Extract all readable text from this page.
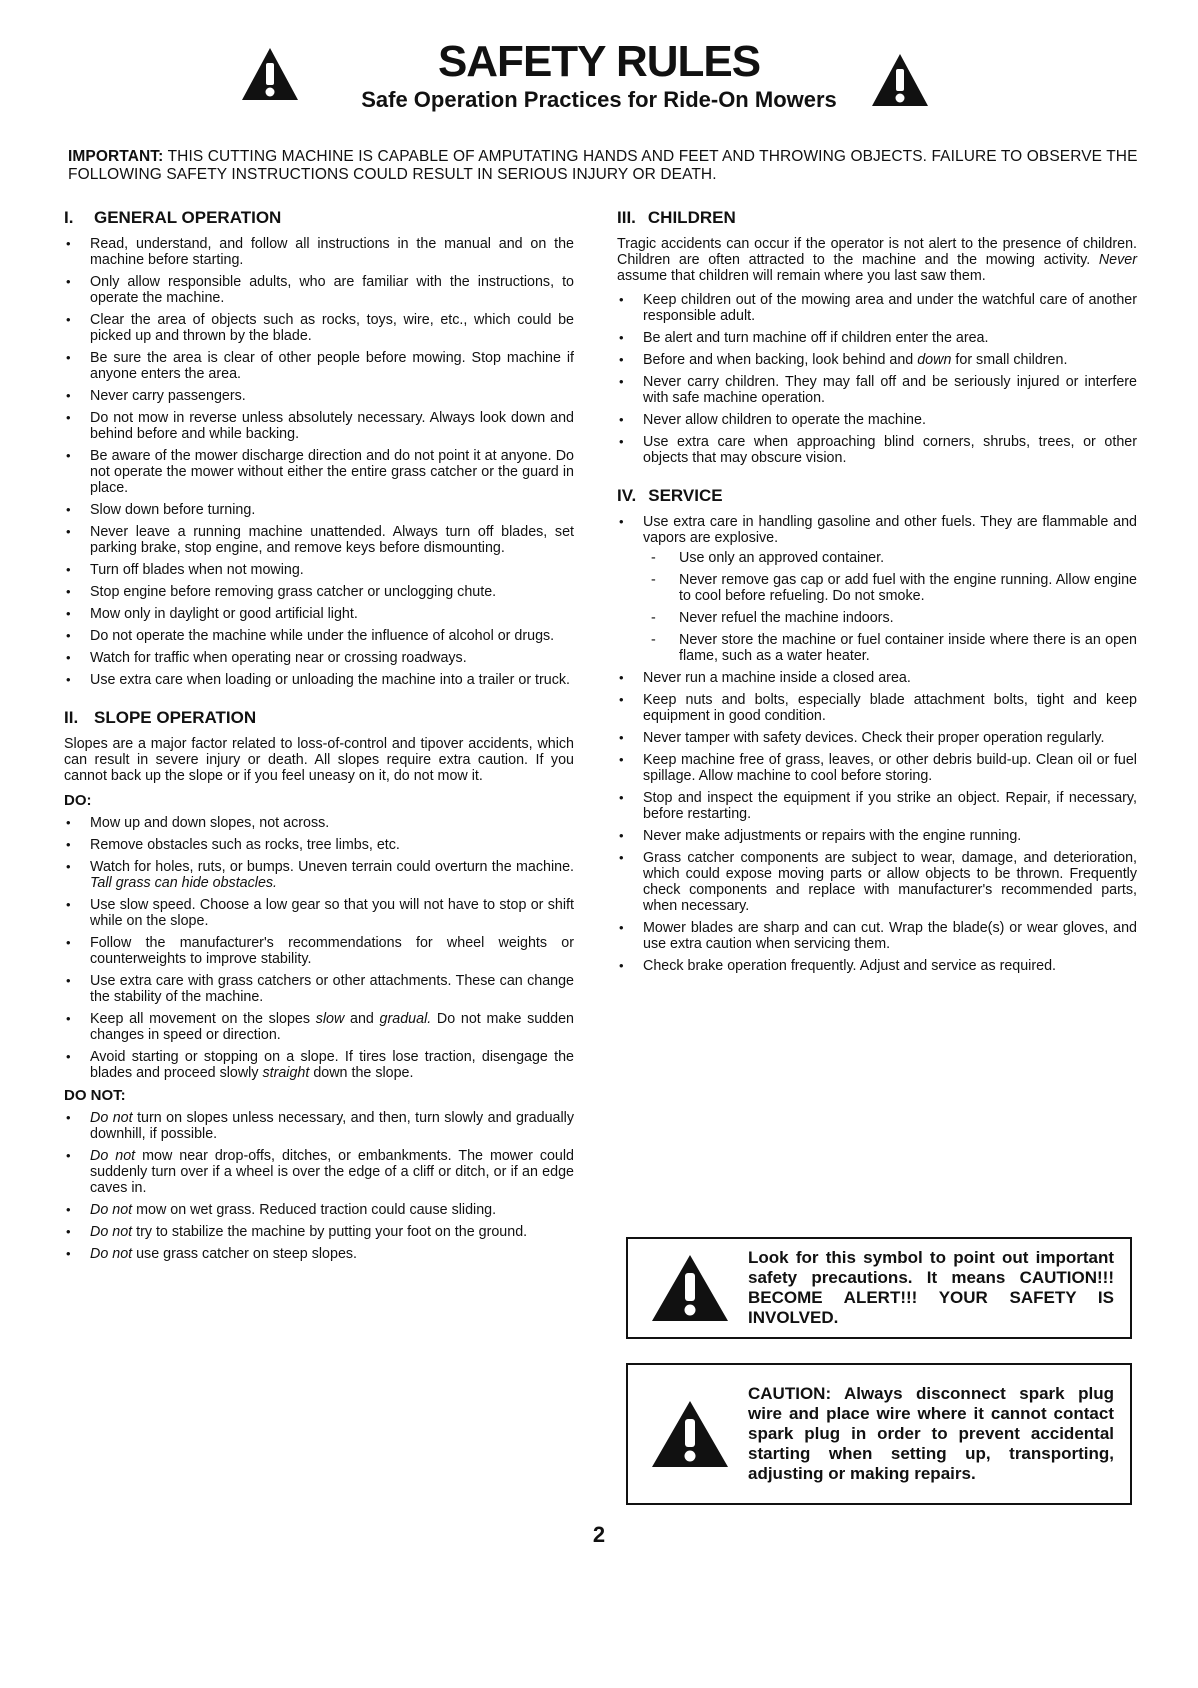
SAFETY RULES
Safe Operation Practices for Ride-On Mowers
IMPORTANT: THIS CUTTING MACHINE IS CAPABLE OF AMPUTATING HANDS AND FEET AND THROWING OBJECTS. FAILURE TO OBSERVE THE FOLLOWING SAFETY INSTRUCTIONS COULD RESULT IN SERIOUS INJURY OR DEATH.
I.	GENERAL OPERATION
• Read, understand, and follow all instructions in the manual and on the machine before starting.
• Only allow responsible adults, who are familiar with the instructions, to operate the machine.
• Clear the area of objects such as rocks, toys, wire, etc., which could be picked up and thrown by the blade.
• Be sure the area is clear of other people before mowing. Stop machine if anyone enters the area.
• Never carry passengers.
• Do not mow in reverse unless absolutely necessary. Always look down and behind before and while backing.
• Be aware of the mower discharge direction and do not point it at anyone. Do not operate the mower without either the entire grass catcher or the guard in place.
• Slow down before turning.
• Never leave a running machine unattended. Always turn off blades, set parking brake, stop engine, and remove keys before dismounting.
• Turn off blades when not mowing.
• Stop engine before removing grass catcher or unclogging chute.
• Mow only in daylight or good artificial light.
• Do not operate the machine while under the influence of alcohol or drugs.
• Watch for traffic when operating near or crossing roadways.
• Use extra care when loading or unloading the machine into a trailer or truck.
II. SLOPE OPERATION

Slopes are a major factor related to loss-of-control and tipover accidents, which can result in severe injury or death. All slopes require extra caution. If you cannot back up the slope or if you feel uneasy on it, do not mow it.

DO:
• Mow up and down slopes, not across.
• Remove obstacles such as rocks, tree limbs, etc.
• Watch for holes, ruts, or bumps. Uneven terrain could overturn the machine. Tall grass can hide obstacles.
• Use slow speed. Choose a low gear so that you will not have to stop or shift while on the slope.
• Follow the manufacturer's recommendations for wheel weights or counterweights to improve stability.
• Use extra care with grass catchers or other attachments. These can change the stability of the machine.
• Keep all movement on the slopes slow and gradual. Do not make sudden changes in speed or direction.
• Avoid starting or stopping on a slope. If tires lose traction, disengage the blades and proceed slowly straight down the slope.
DO NOT:
• Do not turn on slopes unless necessary, and then, turn slowly and gradually downhill, if possible.
• Do not mow near drop-offs, ditches, or embankments. The mower could suddenly turn over if a wheel is over the edge of a cliff or ditch, or if an edge caves in.
• Do not mow on wet grass. Reduced traction could cause sliding.
• Do not try to stabilize the machine by putting your foot on the ground.
• Do not use grass catcher on steep slopes.
III. CHILDREN

Tragic accidents can occur if the operator is not alert to the presence of children. Children are often attracted to the machine and the mowing activity. Never assume that children will remain where you last saw them.

• Keep children out of the mowing area and under the watchful care of another responsible adult.
• Be alert and turn machine off if children enter the area.
• Before and when backing, look behind and down for small children.
• Never carry children. They may fall off and be seriously injured or interfere with safe machine operation.
• Never allow children to operate the machine.
• Use extra care when approaching blind corners, shrubs, trees, or other objects that may obscure vision.
IV. SERVICE
• Use extra care in handling gasoline and other fuels. They are flammable and vapors are explosive.
- Use only an approved container.
- Never remove gas cap or add fuel with the engine running. Allow engine to cool before refueling. Do not smoke.
- Never refuel the machine indoors.
- Never store the machine or fuel container inside where there is an open flame, such as a water heater.
• Never run a machine inside a closed area.
• Keep nuts and bolts, especially blade attachment bolts, tight and keep equipment in good condition.
• Never tamper with safety devices. Check their proper operation regularly.
• Keep machine free of grass, leaves, or other debris build-up. Clean oil or fuel spillage. Allow machine to cool before storing.
• Stop and inspect the equipment if you strike an object. Repair, if necessary, before restarting.
• Never make adjustments or repairs with the engine running.
• Grass catcher components are subject to wear, damage, and deterioration, which could expose moving parts or allow objects to be thrown. Frequently check components and replace with manufacturer's recommended parts, when necessary.
• Mower blades are sharp and can cut. Wrap the blade(s) or wear gloves, and use extra caution when servicing them.
• Check brake operation frequently. Adjust and service as required.
Look for this symbol to point out important safety precautions. It means CAUTION!!! BECOME ALERT!!! YOUR SAFETY IS INVOLVED.
CAUTION: Always disconnect spark plug wire and place wire where it cannot contact spark plug in order to prevent accidental starting when setting up, transporting, adjusting or making repairs.
2
